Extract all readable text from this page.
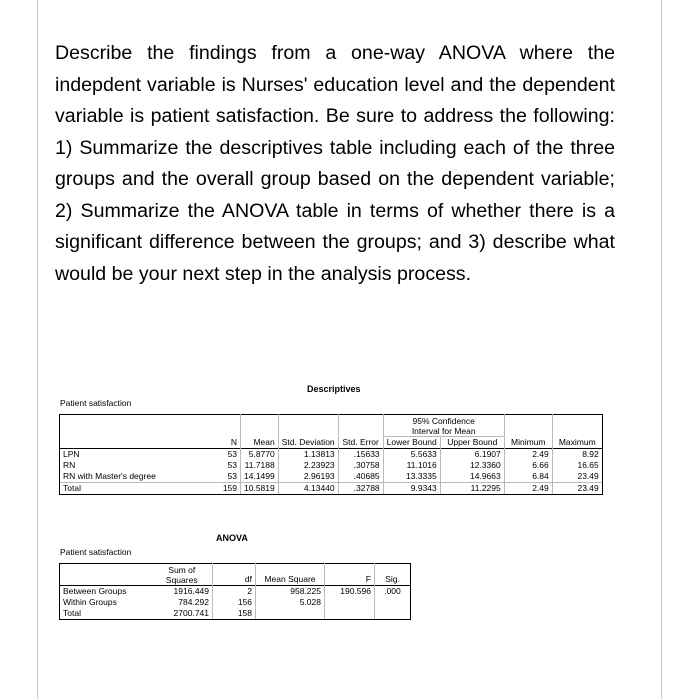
Describe the findings from a one-way ANOVA where the indepdent variable is Nurses' education level and the dependent variable is patient satisfaction. Be sure to address the following: 1) Summarize the descriptives table including each of the three groups and the overall group based on the dependent variable; 2) Summarize the ANOVA table in terms of whether there is a significant difference between the groups; and 3) describe what would be your next step in the analysis process.

Descriptives
Patient satisfaction
					95% Confidence Interval for Mean			
	N	Mean	Std. Deviation	Std. Error	Lower Bound	Upper Bound	Minimum	Maximum
LPN	53	5.8770	1.13813	.15633	5.5633	6.1907	2.49	8.92
RN	53	11.7188	2.23923	.30758	11.1016	12.3360	6.66	16.65
RN with Master's degree	53	14.1499	2.96193	.40685	13.3335	14.9663	6.84	23.49
Total	159	10.5819	4.13440	.32788	9.9343	11.2295	2.49	23.49
ANOVA
Patient satisfaction
	Sum of Squares	df	Mean Square	F	Sig.
Between Groups	1916.449	2	958.225	190.596	.000
Within Groups	784.292	156	5.028		
Total	2700.741	158			
